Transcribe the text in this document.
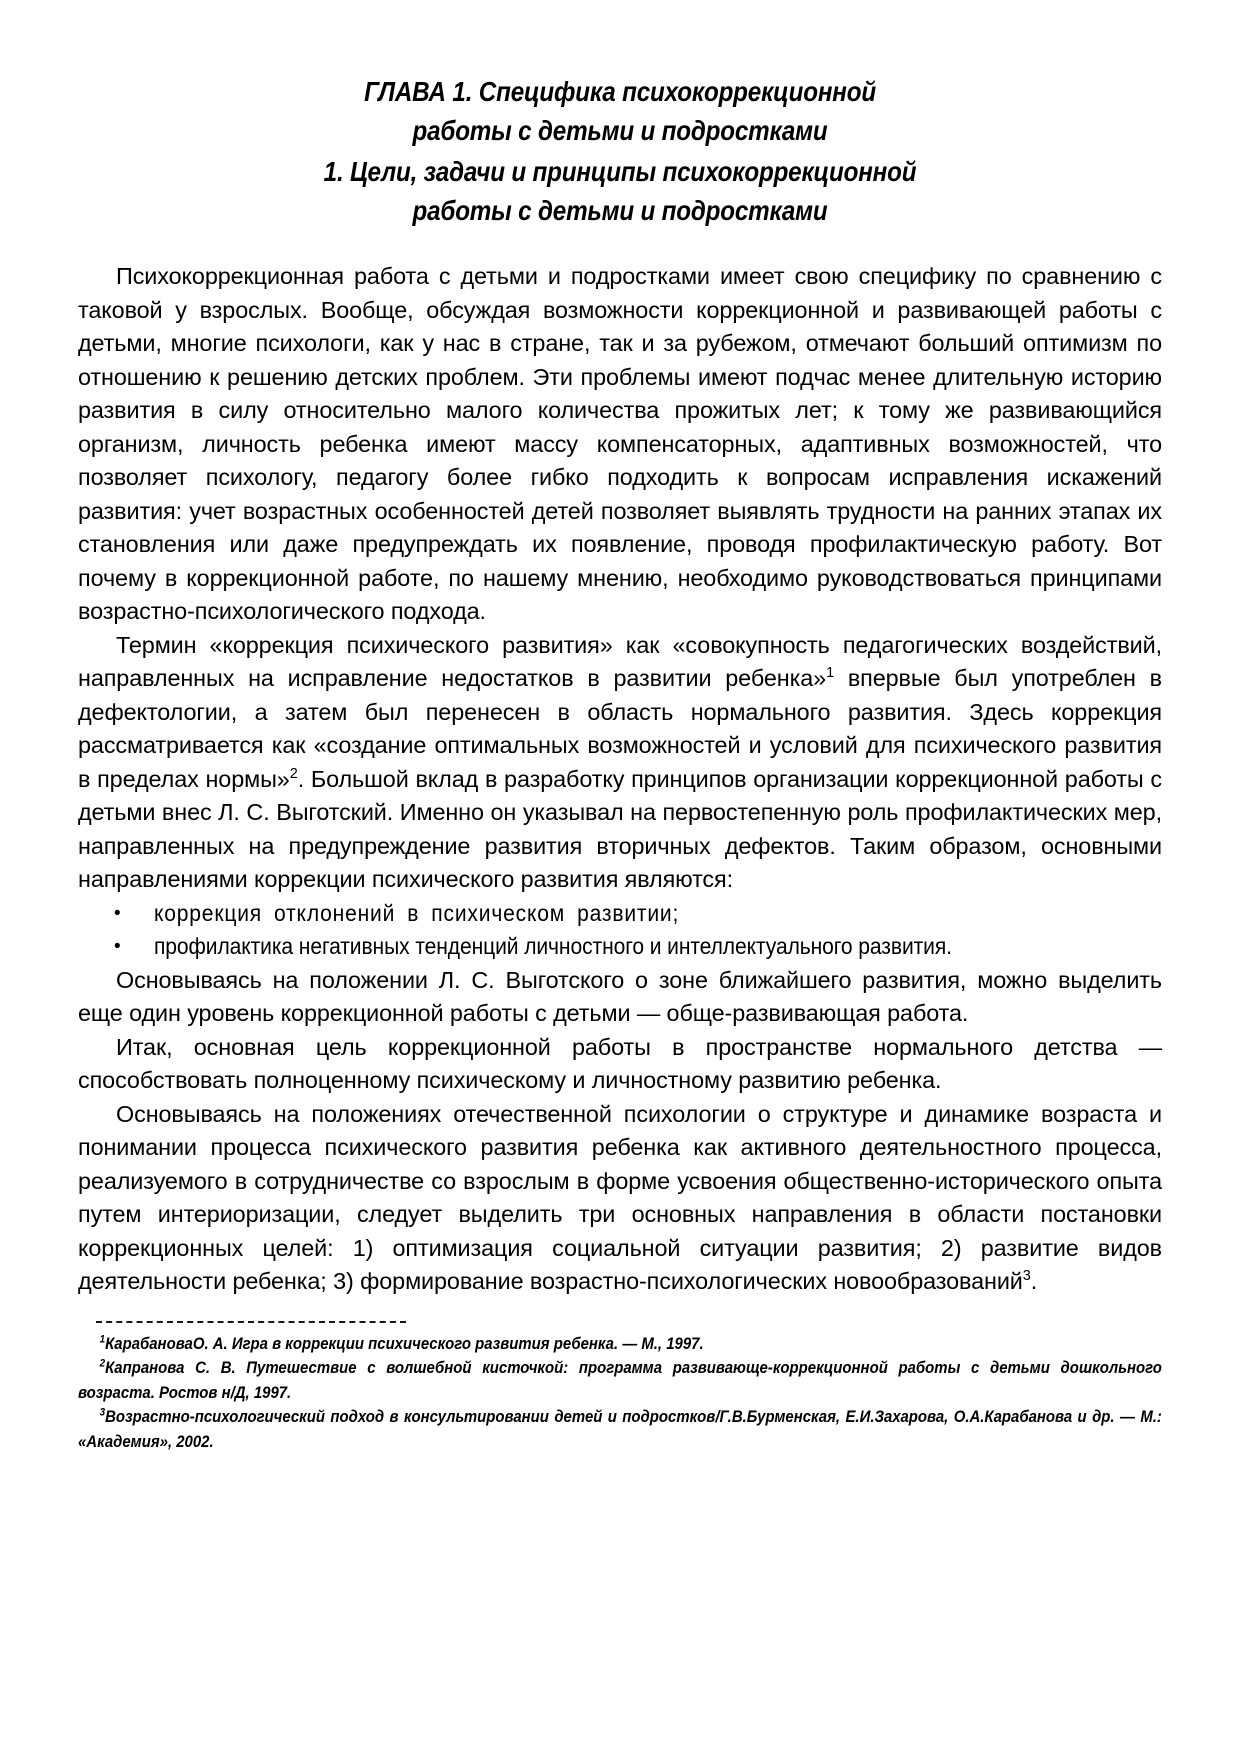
ГЛАВА 1. Специфика психокоррекционной
работы с детьми и подростками
1. Цели, задачи и принципы психокоррекционной
работы с детьми и подростками

Психокоррекционная работа с детьми и подростками имеет свою специфику по сравнению с таковой у взрослых. Вообще, обсуждая возможности коррекционной и развивающей работы с детьми, многие психологи, как у нас в стране, так и за рубежом, отмечают больший оптимизм по отношению к решению детских проблем. Эти проблемы имеют подчас менее длительную историю развития в силу относительно малого количества прожитых лет; к тому же развивающийся организм, личность ребенка имеют массу компенсаторных, адаптивных возможностей, что позволяет психологу, педагогу более гибко подходить к вопросам исправления искажений развития: учет возрастных особенностей детей позволяет выявлять трудности на ранних этапах их становления или даже предупреждать их появление, проводя профилактическую работу. Вот почему в коррекционной работе, по нашему мнению, необходимо руководствоваться принципами возрастно-психологического подхода.

Термин «коррекция психического развития» как «совокупность педагогических воздействий, направленных на исправление недостатков в развитии ребенка»$^1$ впервые был употреблен в дефектологии, а затем был перенесен в область нормального развития. Здесь коррекция рассматривается как «создание оптимальных возможностей и условий для психического развития в пределах нормы»$^2$. Большой вклад в разработку принципов организации коррекционной работы с детьми внес Л. С. Выготский. Именно он указывал на первостепенную роль профилактических мер, направленных на предупреждение развития вторичных дефектов. Таким образом, основными направлениями коррекции психического развития являются:

• коррекция отклонений в психическом развитии;
• профилактика негативных тенденций личностного и интеллектуального развития.

Основываясь на положении Л. С. Выготского о зоне ближайшего развития, можно выделить еще один уровень коррекционной работы с детьми — обще-развивающая работа.

Итак, основная цель коррекционной работы в пространстве нормального детства — способствовать полноценному психическому и личностному развитию ребенка.

Основываясь на положениях отечественной психологии о структуре и динамике возраста и понимании процесса психического развития ребенка как активного деятельностного процесса, реализуемого в сотрудничестве со взрослым в форме усвоения общественно-исторического опыта путем интериоризации, следует выделить три основных направления в области постановки коррекционных целей: 1) оптимизация социальной ситуации развития; 2) развитие видов деятельности ребенка; 3) формирование возрастно-психологических новообразований$^3$.

$^1$КарабановаО. А. Игра в коррекции психического развития ребенка. — М., 1997.

$^2$Капранова С. В. Путешествие с волшебной кисточкой: программа развивающе-коррекционной работы с детьми дошкольного возраста. Ростов н/Д, 1997.

$^3$Возрастно-психологический подход в консультировании детей и подростков/Г.В.Бурменская, Е.И.Захарова, О.А.Карабанова и др. — М.: «Академия», 2002.
